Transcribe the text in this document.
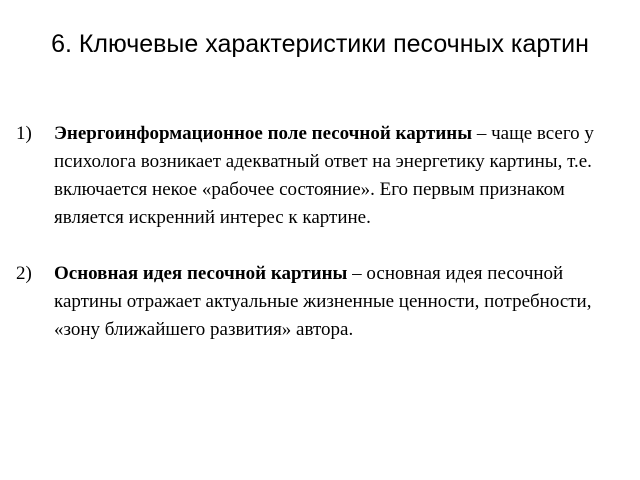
6. Ключевые характеристики песочных картин
1)	Энергоинформационное поле песочной картины – чаще всего у психолога возникает адекватный ответ на энергетику картины, т.е. включается некое «рабочее состояние». Его первым признаком является искренний интерес к картине.
2)	Основная идея песочной картины – основная идея песочной картины отражает актуальные жизненные ценности, потребности, «зону ближайшего развития» автора.
